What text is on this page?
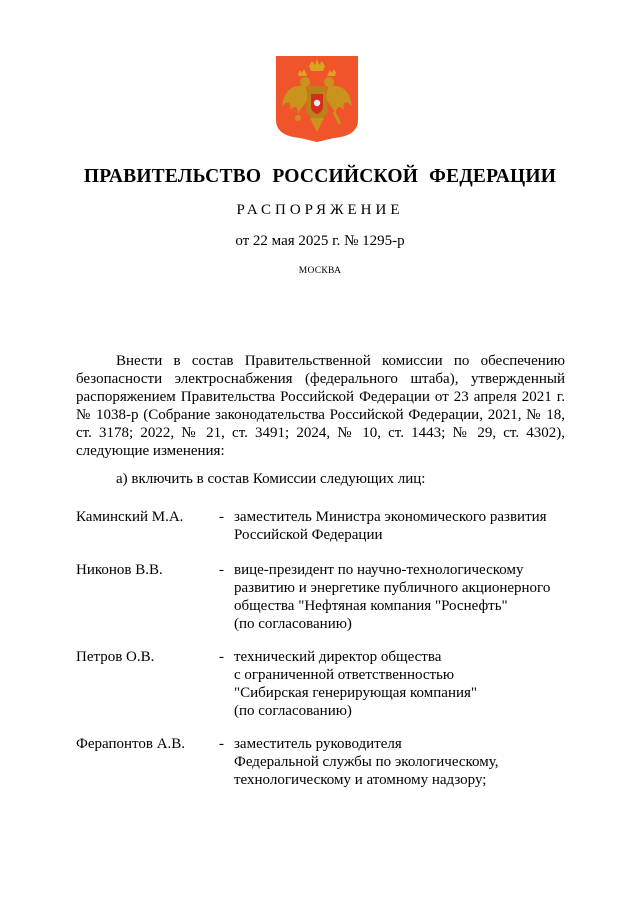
ПРАВИТЕЛЬСТВО РОССИЙСКОЙ ФЕДЕРАЦИИ
РАСПОРЯЖЕНИЕ
от 22 мая 2025 г. № 1295-р
МОСКВА
Внести в состав Правительственной комиссии по обеспечению
безопасности электроснабжения (федерального штаба), утвержденный
распоряжением Правительства Российской Федерации от 23 апреля 2021 г.
№ 1038-р (Собрание законодательства Российской Федерации, 2021, № 18,
ст. 3178; 2022, № 21, ст. 3491; 2024, № 10, ст. 1443; № 29, ст. 4302),
следующие изменения:
а) включить в состав Комиссии следующих лиц:
Каминский М.А. - заместитель Министра экономического развития
Российской Федерации
Никонов В.В.	- вице-президент по научно-технологическому
развитию и энергетике публичного акционерного
общества "Нефтяная компания "Роснефть"
(по согласованию)
Петров О.В.	- технический директор общества
с ограниченной ответственностью
"Сибирская генерирующая компания"
(по согласованию)
Ферапонтов А.В. - заместитель руководителя
Федеральной службы по экологическому,
технологическому и атомному надзору;
